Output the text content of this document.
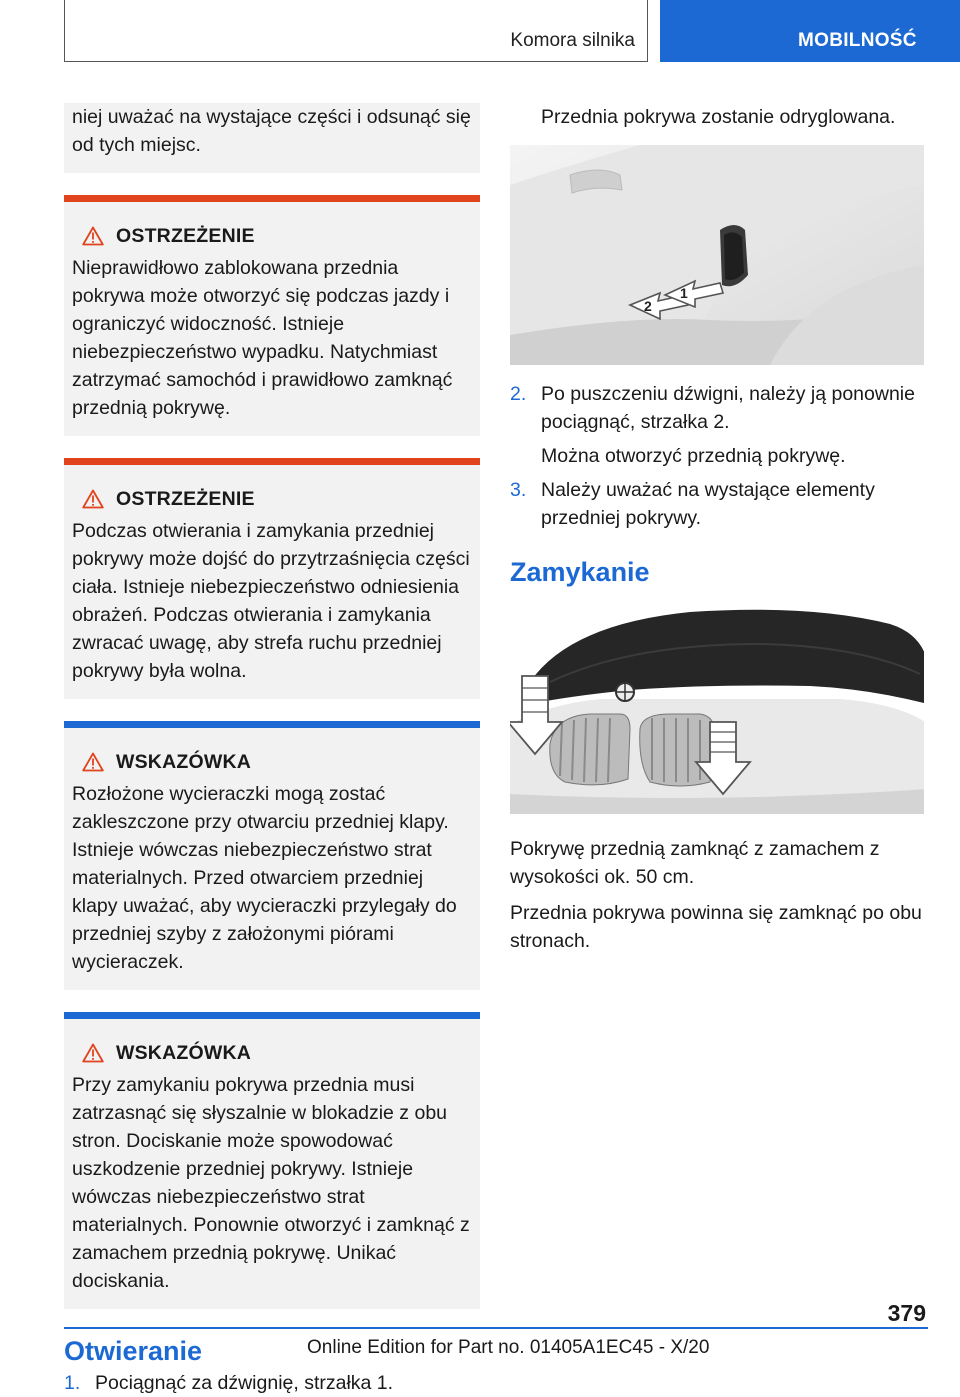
Komora silnika	MOBILNOŚĆ

niej uważać na wystające części i odsunąć się od tych miejsc.

OSTRZEŻENIE

Nieprawidłowo zablokowana przednia pokrywa może otworzyć się podczas jazdy i ograniczyć widoczność. Istnieje niebezpieczeństwo wypadku. Natychmiast zatrzymać samochód i prawidłowo zamknąć przednią pokrywę.

OSTRZEŻENIE

Podczas otwierania i zamykania przedniej pokrywy może dojść do przytrzaśnięcia części ciała. Istnieje niebezpieczeństwo odniesienia obrażeń. Podczas otwierania i zamykania zwracać uwagę, aby strefa ruchu przedniej pokrywy była wolna.

WSKAZÓWKA

Rozłożone wycieraczki mogą zostać zakleszczone przy otwarciu przedniej klapy. Istnieje wówczas niebezpieczeństwo strat materialnych. Przed otwarciem przedniej klapy uważać, aby wycieraczki przylegały do przedniej szyby z założonymi piórami wycieraczek.

WSKAZÓWKA

Przy zamykaniu pokrywa przednia musi zatrzasnąć się słyszalnie w blokadzie z obu stron. Dociskanie może spowodować uszkodzenie przedniej pokrywy. Istnieje wówczas niebezpieczeństwo strat materialnych. Ponownie otworzyć i zamknąć z zamachem przednią pokrywę. Unikać dociskania.

Otwieranie
1. Pociągnąć za dźwignię, strzałka 1.

Przednia pokrywa zostanie odryglowana.

2
1
2. Po puszczeniu dźwigni, należy ją ponownie pociągnąć, strzałka 2.

Można otworzyć przednią pokrywę.

3. Należy uważać na wystające elementy przedniej pokrywy.
Zamykanie

Pokrywę przednią zamknąć z zamachem z wysokości ok. 50 cm.

Przednia pokrywa powinna się zamknąć po obu stronach.

379
Online Edition for Part no. 01405A1EC45 - X/20
